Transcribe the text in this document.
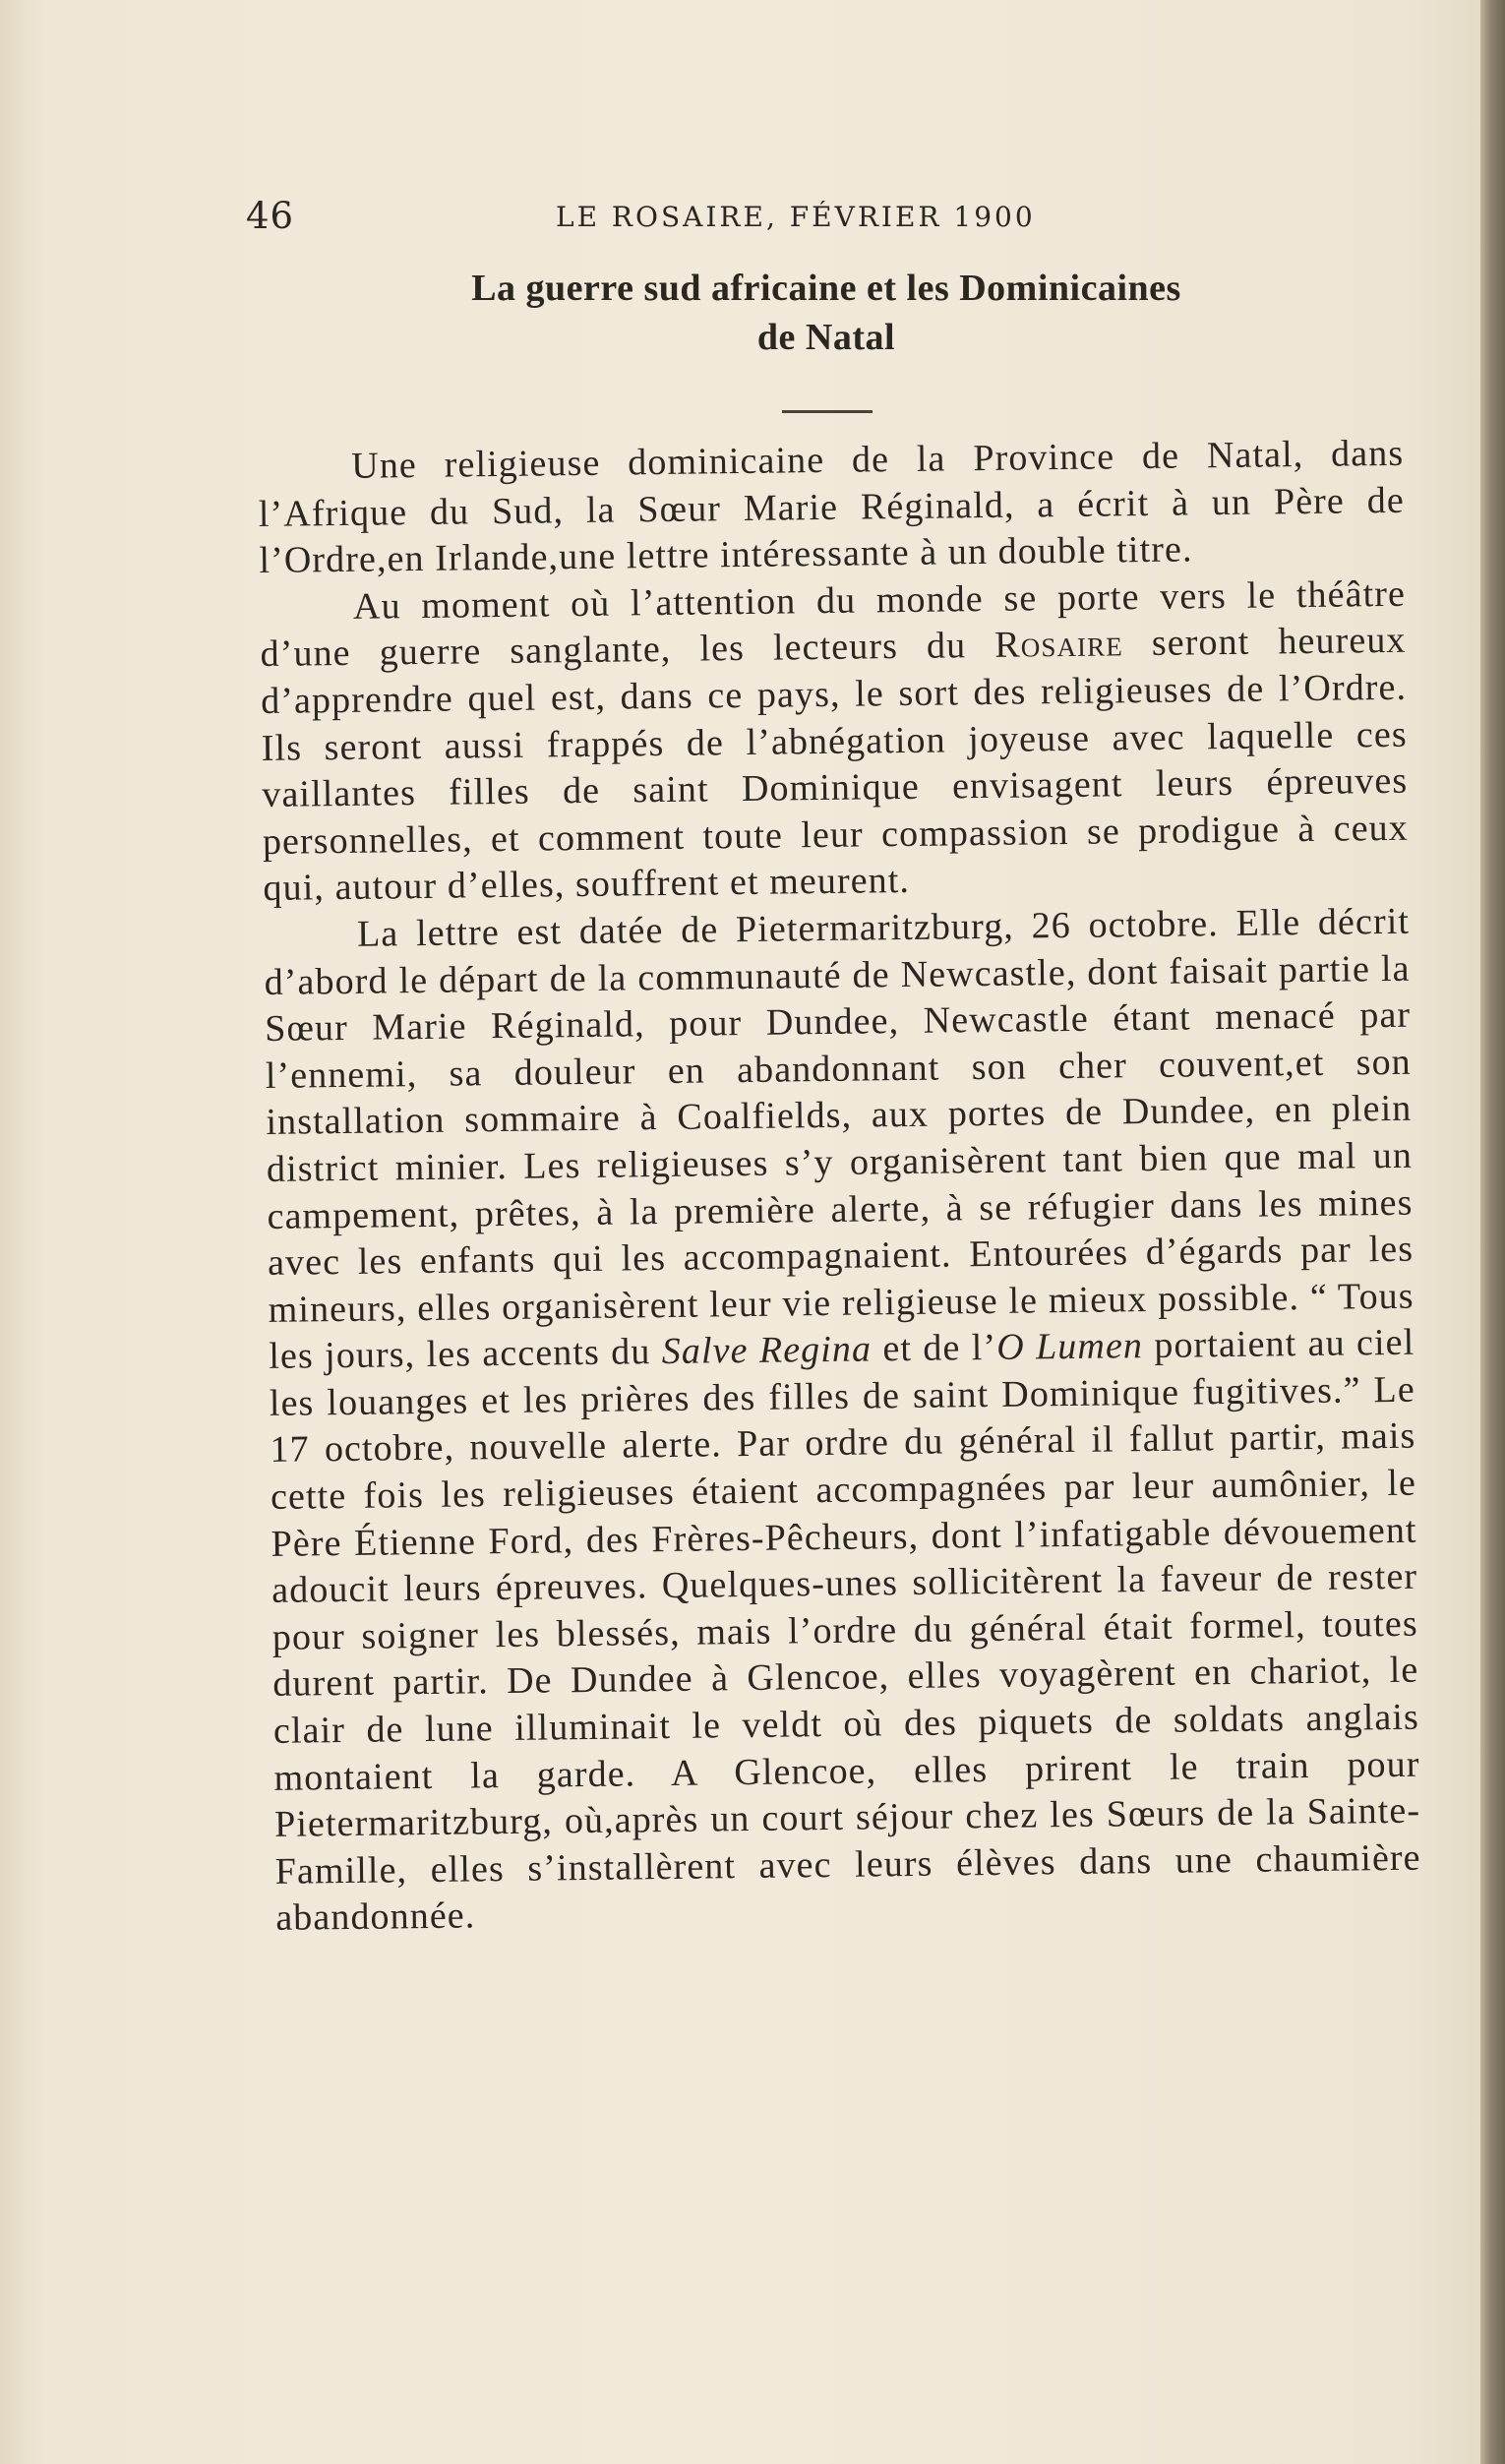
46	LE ROSAIRE, FÉVRIER 1900
La guerre sud africaine et les Dominicaines
de Natal

Une religieuse dominicaine de la Province de Natal, dans l’Afrique du Sud, la Sœur Marie Réginald, a écrit à un Père de l’Ordre,en Irlande,une lettre intéressante à un double titre.

Au moment où l’attention du monde se porte vers le théâtre d’une guerre sanglante, les lecteurs du Rosaire seront heureux d’apprendre quel est, dans ce pays, le sort des religieuses de l’Ordre. Ils seront aussi frappés de l’abnégation joyeuse avec laquelle ces vaillantes filles de saint Dominique envisagent leurs épreuves personnelles, et comment toute leur compassion se prodigue à ceux qui, autour d’elles, souffrent et meurent.

La lettre est datée de Pietermaritzburg, 26 octobre. Elle décrit d’abord le départ de la communauté de Newcastle, dont faisait partie la Sœur Marie Réginald, pour Dundee, Newcastle étant menacé par l’ennemi, sa douleur en abandonnant son cher couvent,et son installation sommaire à Coalfields, aux portes de Dundee, en plein district minier. Les religieuses s’y organisèrent tant bien que mal un campement, prêtes, à la première alerte, à se réfugier dans les mines avec les enfants qui les accompagnaient. Entourées d’égards par les mineurs, elles organisèrent leur vie religieuse le mieux possible. “ Tous les jours, les accents du Salve Regina et de l’O Lumen portaient au ciel les louanges et les prières des filles de saint Dominique fugitives.” Le 17 octobre, nouvelle alerte. Par ordre du général il fallut partir, mais cette fois les religieuses étaient accompagnées par leur aumônier, le Père Étienne Ford, des Frères-Pêcheurs, dont l’infatigable dévouement adoucit leurs épreuves. Quelques-unes sollicitèrent la faveur de rester pour soigner les blessés, mais l’ordre du général était formel, toutes durent partir. De Dundee à Glencoe, elles voyagèrent en chariot, le clair de lune illuminait le veldt où des piquets de soldats anglais montaient la garde. A Glencoe, elles prirent le train pour Pietermaritzburg, où,après un court séjour chez les Sœurs de la Sainte-Famille, elles s’installèrent avec leurs élèves dans une chaumière abandonnée.
